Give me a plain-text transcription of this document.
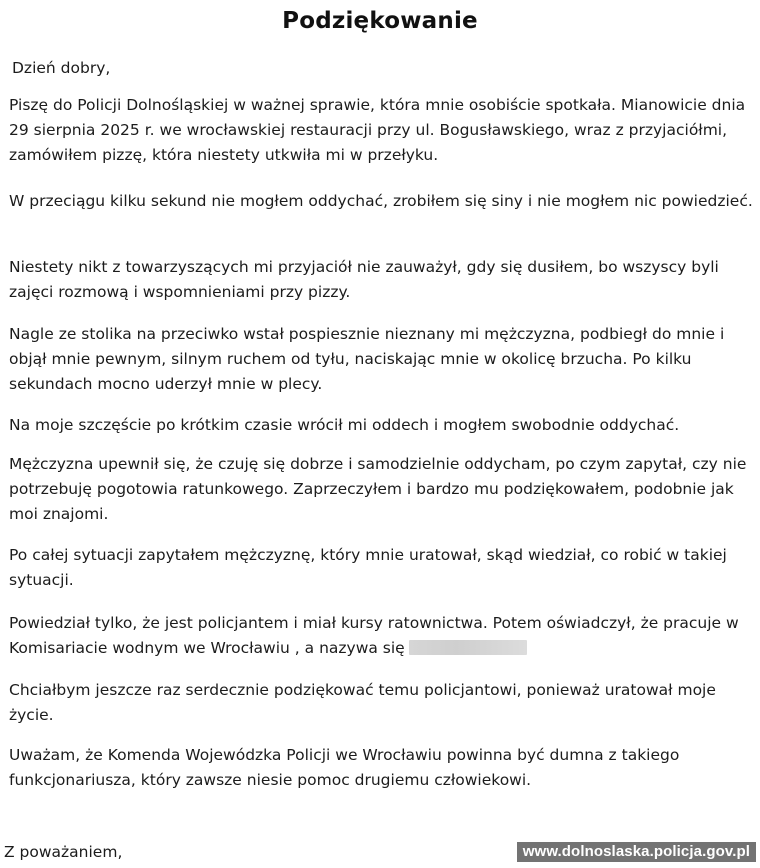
Podziękowanie
Dzień dobry,

Piszę do Policji Dolnośląskiej w ważnej sprawie, która mnie osobiście spotkała. Mianowicie dnia 29 sierpnia 2025 r. we wrocławskiej restauracji przy ul. Bogusławskiego, wraz z przyjaciółmi, zamówiłem pizzę, która niestety utkwiła mi w przełyku.

W przeciągu kilku sekund nie mogłem oddychać, zrobiłem się siny i nie mogłem nic powiedzieć.

Niestety nikt z towarzyszących mi przyjaciół nie zauważył, gdy się dusiłem, bo wszyscy byli zajęci rozmową i wspomnieniami przy pizzy.

Nagle ze stolika na przeciwko wstał pospiesznie nieznany mi mężczyzna, podbiegł do mnie i objął mnie pewnym, silnym ruchem od tyłu, naciskając mnie w okolicę brzucha. Po kilku sekundach mocno uderzył mnie w plecy.

Na moje szczęście po krótkim czasie wrócił mi oddech i mogłem swobodnie oddychać.

Mężczyzna upewnił się, że czuję się dobrze i samodzielnie oddycham, po czym zapytał, czy nie potrzebuję pogotowia ratunkowego. Zaprzeczyłem i bardzo mu podziękowałem, podobnie jak moi znajomi.

Po całej sytuacji zapytałem mężczyznę, który mnie uratował, skąd wiedział, co robić w takiej sytuacji.

Powiedział tylko, że jest policjantem i miał kursy ratownictwa. Potem oświadczył, że pracuje w Komisariacie wodnym we Wrocławiu , a nazywa się

Chciałbym jeszcze raz serdecznie podziękować temu policjantowi, ponieważ uratował moje życie.

Uważam, że Komenda Wojewódzka Policji we Wrocławiu powinna być dumna z takiego funkcjonariusza, który zawsze niesie pomoc drugiemu człowiekowi.

Z poważaniem,	www.dolnoslaska.policja.gov.pl
